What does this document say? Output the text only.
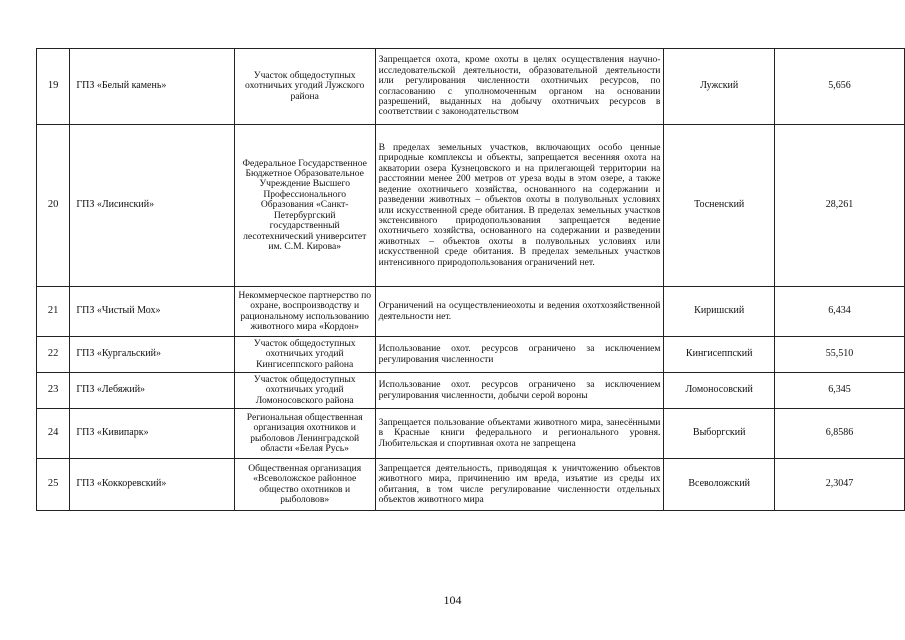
19	ГПЗ «Белый камень»	Участок общедоступных охотничьих угодий Лужского района	Запрещается охота, кроме охоты в целях осуществления научно-исследовательской деятельности, образовательной деятельности или регулирования численности охотничьих ресурсов, по согласованию с уполномоченным органом на основании разрешений, выданных на добычу охотничьих ресурсов в соответствии с законодательством	Лужский	5,656
20	ГПЗ «Лисинский»	Федеральное Государственное Бюджетное Образовательное Учреждение Высшего Профессионального Образования «Санкт-Петербургский государственный лесотехнический университет им. С.М. Кирова»	В пределах земельных участков, включающих особо ценные природные комплексы и объекты, запрещается весенняя охота на акватории озера Кузнецовского и на прилегающей территории на расстоянии менее 200 метров от уреза воды в этом озере, а также ведение охотничьего хозяйства, основанного на содержании и разведении животных – объектов охоты в полувольных условиях или искусственной среде обитания. В пределах земельных участков экстенсивного природопользования запрещается ведение охотничьего хозяйства, основанного на содержании и разведении животных – объектов охоты в полувольных условиях или искусственной среде обитания. В пределах земельных участков интенсивного природопользования ограничений нет.	Тосненский	28,261
21	ГПЗ «Чистый Мох»	Некоммерческое партнерство по охране, воспроизводству и рациональному использованию животного мира «Кордон»	Ограничений на осуществлениеохоты и ведения охотхозяйственной деятельности нет.	Киришский	6,434
22	ГПЗ «Кургальский»	Участок общедоступных охотничьих угодий Кингисеппского района	Использование охот. ресурсов ограничено за исключением регулирования численности	Кингисеппский	55,510
23	ГПЗ «Лебяжий»	Участок общедоступных охотничьих угодий Ломоносовского района	Использование охот. ресурсов ограничено за исключением регулирования численности, добычи серой вороны	Ломоносовский	6,345
24	ГПЗ «Кивипарк»	Региональная общественная организация охотников и рыболовов Ленинградской области «Белая Русь»	Запрещается пользование объектами животного мира, занесёнными в Красные книги федерального и регионального уровня. Любительская и спортивная охота не запрещена	Выборгский	6,8586
25	ГПЗ «Коккоревский»	Общественная организация «Всеволожское районное общество охотников и рыболовов»	Запрещается деятельность, приводящая к уничтожению объектов животного мира, причинению им вреда, изъятие из среды их обитания, в том числе регулирование численности отдельных объектов животного мира	Всеволожский	2,3047
104
